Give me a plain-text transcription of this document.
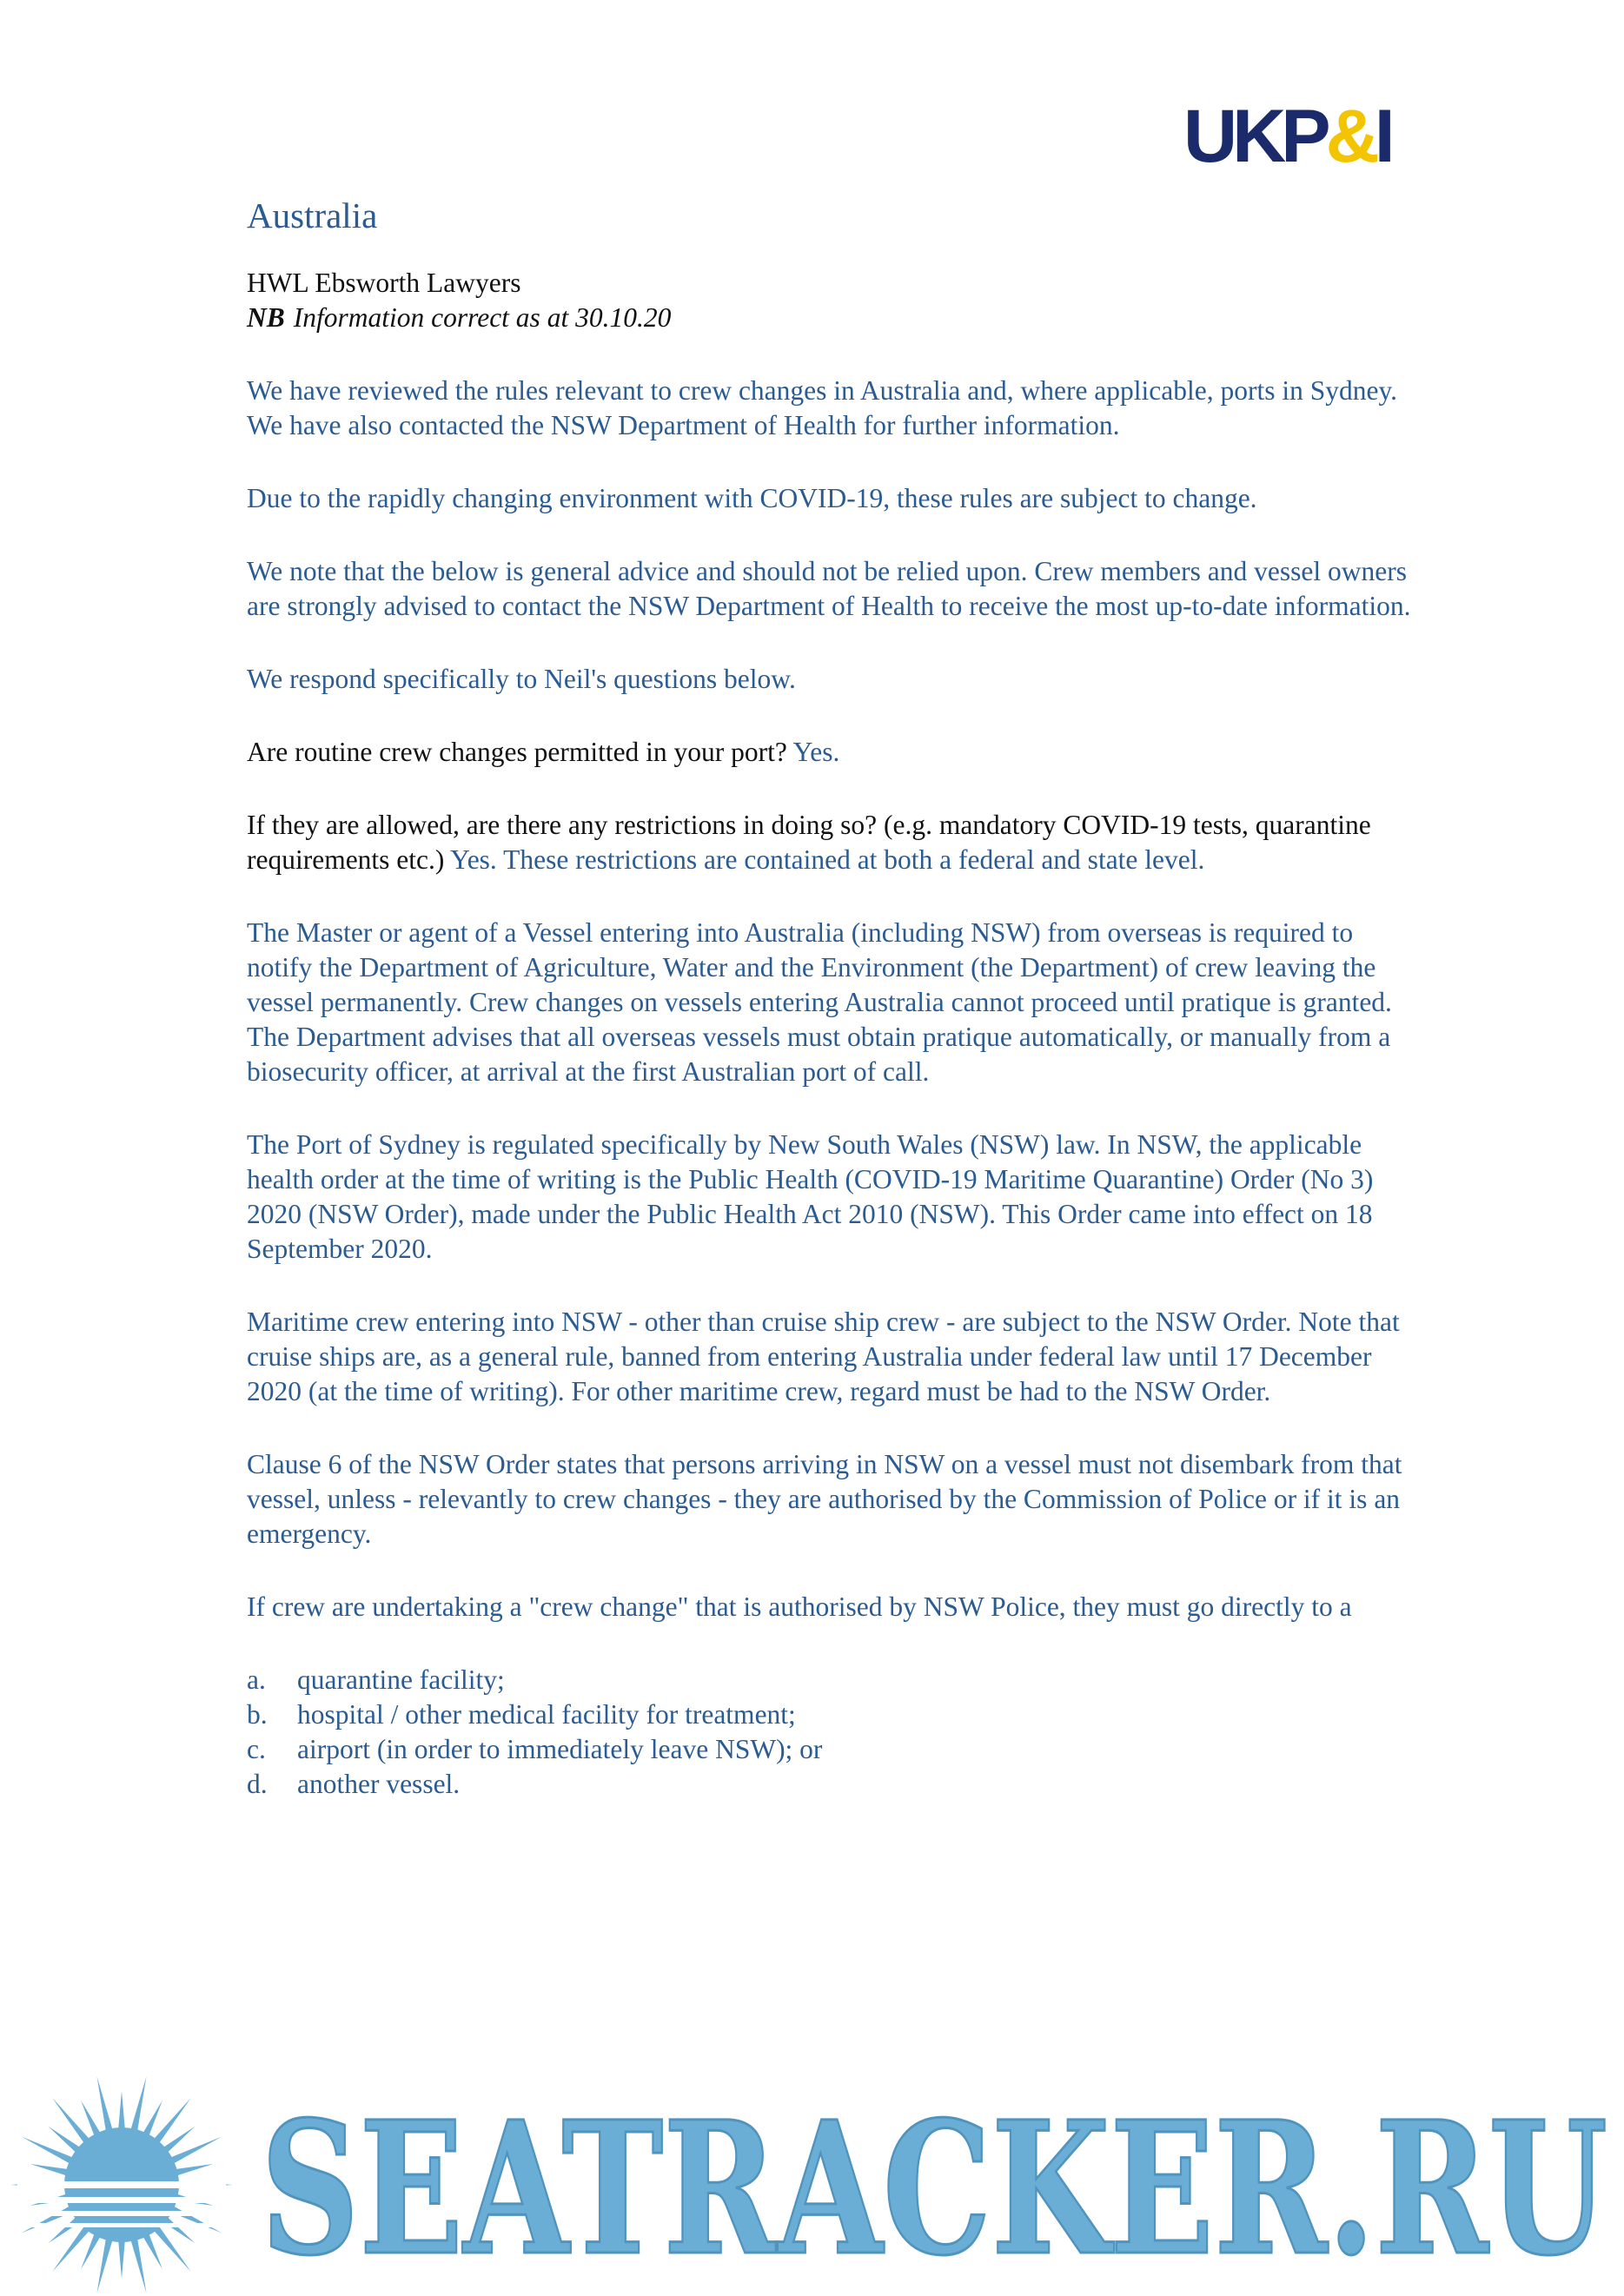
UKP&I
Australia

HWL Ebsworth Lawyers
NB Information correct as at 30.10.20

We have reviewed the rules relevant to crew changes in Australia and, where applicable, ports in Sydney. We have also contacted the NSW Department of Health for further information.

Due to the rapidly changing environment with COVID-19, these rules are subject to change.

We note that the below is general advice and should not be relied upon. Crew members and vessel owners are strongly advised to contact the NSW Department of Health to receive the most up-to-date information.

We respond specifically to Neil's questions below.

Are routine crew changes permitted in your port? Yes.

If they are allowed, are there any restrictions in doing so? (e.g. mandatory COVID-19 tests, quarantine requirements etc.) Yes. These restrictions are contained at both a federal and state level.

The Master or agent of a Vessel entering into Australia (including NSW) from overseas is required to notify the Department of Agriculture, Water and the Environment (the Department) of crew leaving the vessel permanently. Crew changes on vessels entering Australia cannot proceed until pratique is granted. The Department advises that all overseas vessels must obtain pratique automatically, or manually from a biosecurity officer, at arrival at the first Australian port of call.

The Port of Sydney is regulated specifically by New South Wales (NSW) law. In NSW, the applicable health order at the time of writing is the Public Health (COVID-19 Maritime Quarantine) Order (No 3) 2020 (NSW Order), made under the Public Health Act 2010 (NSW). This Order came into effect on 18 September 2020.

Maritime crew entering into NSW - other than cruise ship crew - are subject to the NSW Order. Note that cruise ships are, as a general rule, banned from entering Australia under federal law until 17 December 2020 (at the time of writing). For other maritime crew, regard must be had to the NSW Order.

Clause 6 of the NSW Order states that persons arriving in NSW on a vessel must not disembark from that vessel, unless - relevantly to crew changes - they are authorised by the Commission of Police or if it is an emergency.

If crew are undertaking a "crew change" that is authorised by NSW Police, they must go directly to a

a.	quarantine facility;
b.	hospital / other medical facility for treatment;
c.	airport (in order to immediately leave NSW); or
d.	another vessel.
SEATRACKER.RU
